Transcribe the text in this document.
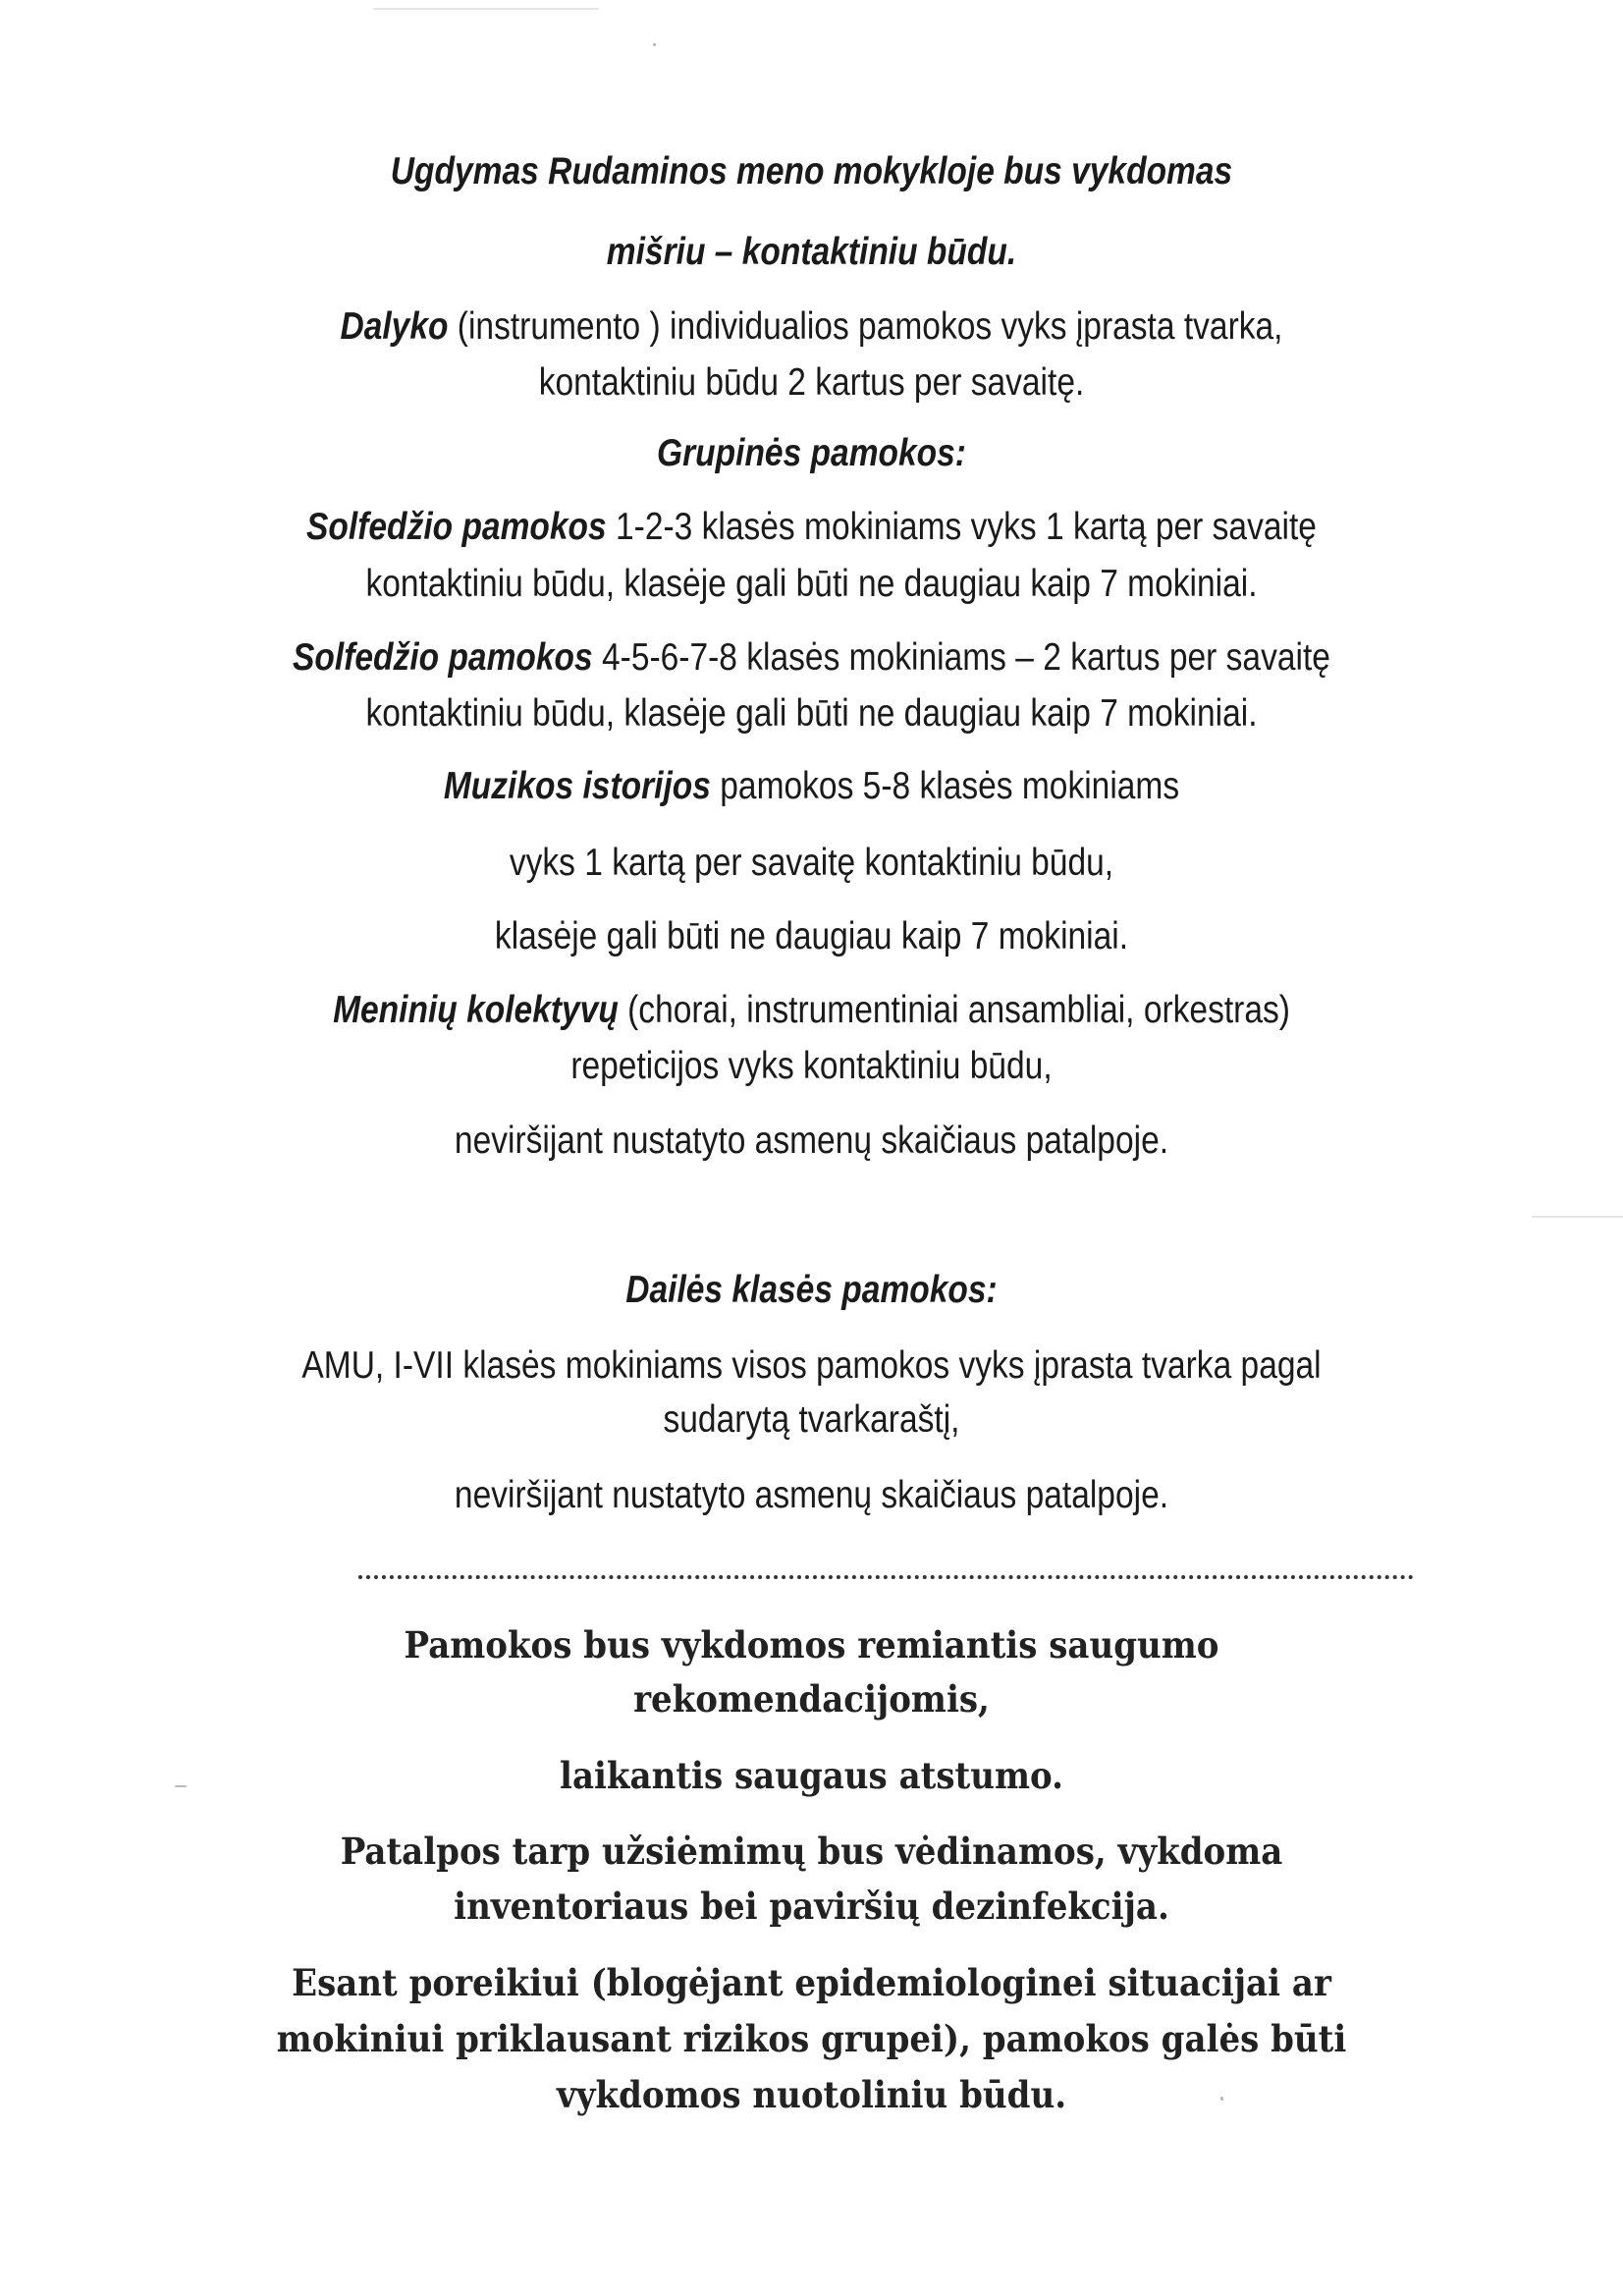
Ugdymas Rudaminos meno mokykloje bus vykdomas
mišriu – kontaktiniu būdu.
Dalyko (instrumento ) individualios pamokos vyks įprasta tvarka,
kontaktiniu būdu 2 kartus per savaitę.
Grupinės pamokos:
Solfedžio pamokos 1-2-3 klasės mokiniams vyks 1 kartą per savaitę
kontaktiniu būdu, klasėje gali būti ne daugiau kaip 7 mokiniai.
Solfedžio pamokos 4-5-6-7-8 klasės mokiniams – 2 kartus per savaitę
kontaktiniu būdu, klasėje gali būti ne daugiau kaip 7 mokiniai.
Muzikos istorijos pamokos 5-8 klasės mokiniams
vyks 1 kartą per savaitę kontaktiniu būdu,
klasėje gali būti ne daugiau kaip 7 mokiniai.
Meninių kolektyvų (chorai, instrumentiniai ansambliai, orkestras)
repeticijos vyks kontaktiniu būdu,
neviršijant nustatyto asmenų skaičiaus patalpoje.
Dailės klasės pamokos:
AMU, I-VII klasės mokiniams visos pamokos vyks įprasta tvarka pagal
sudarytą tvarkaraštį,
neviršijant nustatyto asmenų skaičiaus patalpoje.
Pamokos bus vykdomos remiantis saugumo
rekomendacijomis,
laikantis saugaus atstumo.
Patalpos tarp užsiėmimų bus vėdinamos, vykdoma
inventoriaus bei paviršių dezinfekcija.
Esant poreikiui (blogėjant epidemiologinei situacijai ar
mokiniui priklausant rizikos grupei), pamokos galės būti
vykdomos nuotoliniu būdu.
